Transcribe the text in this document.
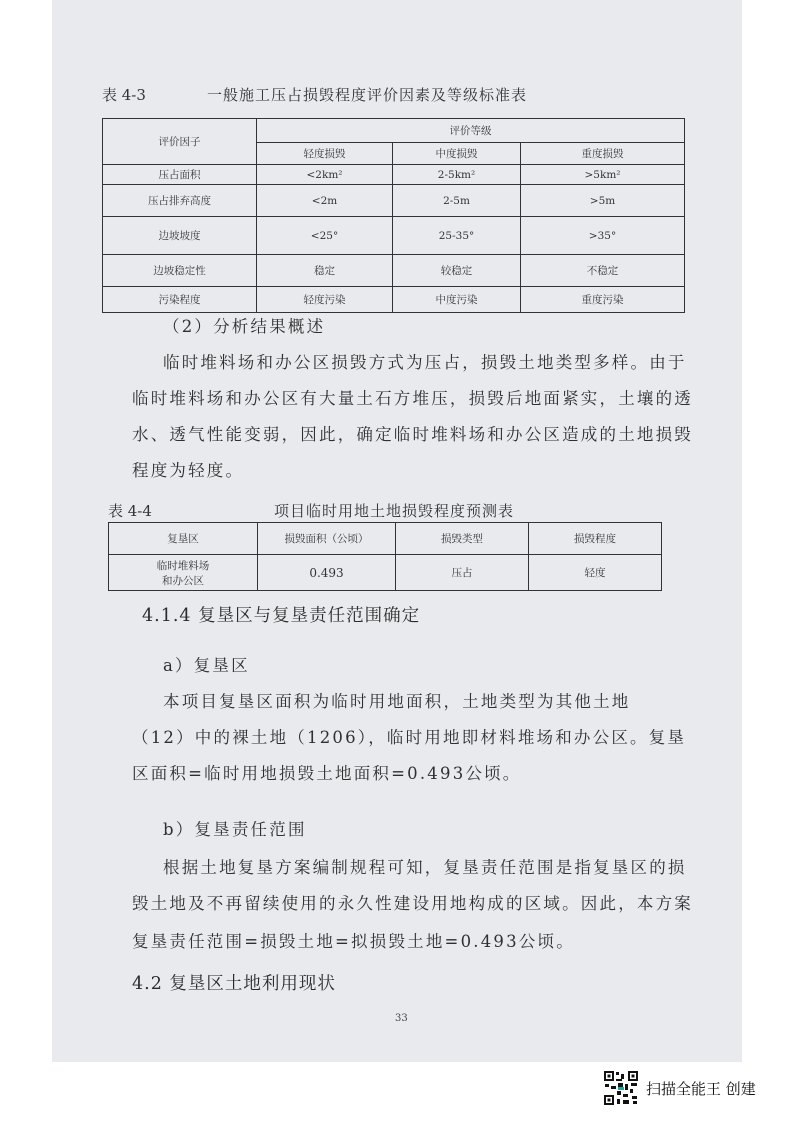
表 4-3	一般施工压占损毁程度评价因素及等级标准表
评价因子	评价等级		
	轻度损毁	中度损毁	重度损毁
压占面积	<2km²	2-5km²	>5km²
压占排弃高度	<2m	2-5m	>5m
边坡坡度	<25°	25-35°	>35°
边坡稳定性	稳定	较稳定	不稳定
污染程度	轻度污染	中度污染	重度污染
（2）分析结果概述
临时堆料场和办公区损毁方式为压占，损毁土地类型多样。由于
临时堆料场和办公区有大量土石方堆压，损毁后地面紧实，土壤的透
水、透气性能变弱，因此，确定临时堆料场和办公区造成的土地损毁
程度为轻度。
表 4-4	项目临时用地土地损毁程度预测表
复垦区	损毁面积（公顷）	损毁类型	损毁程度

临时堆料场
和办公区	0.493	压占	轻度
4.1.4 复垦区与复垦责任范围确定
a）复垦区
本项目复垦区面积为临时用地面积，土地类型为其他土地
（12）中的裸土地（1206），临时用地即材料堆场和办公区。复垦
区面积=临时用地损毁土地面积=0.493公顷。
b）复垦责任范围
根据土地复垦方案编制规程可知，复垦责任范围是指复垦区的损
毁土地及不再留续使用的永久性建设用地构成的区域。因此，本方案
复垦责任范围=损毁土地=拟损毁土地=0.493公顷。
4.2 复垦区土地利用现状
33
扫描全能王 创建
